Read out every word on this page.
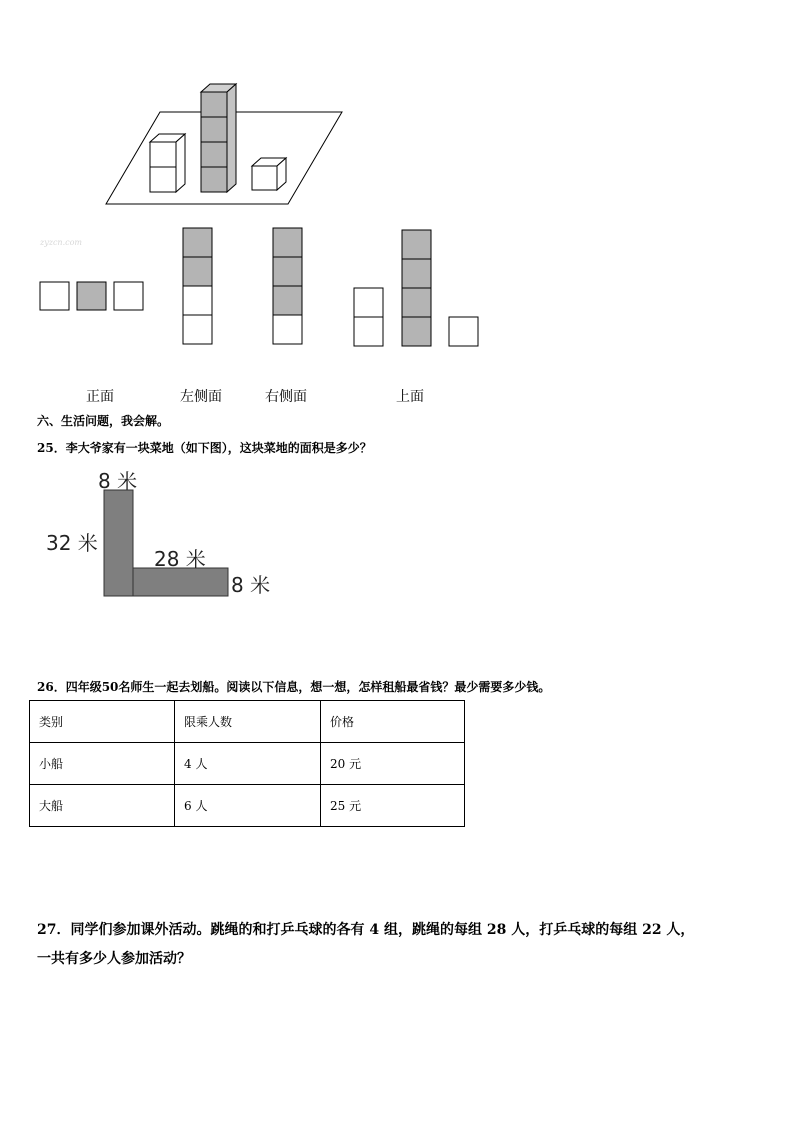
zyzcn.com
正面	左侧面	右侧面	上面
六、生活问题，我会解。
25．李大爷家有一块菜地（如下图），这块菜地的面积是多少？
8 米
32 米
28 米
8 米
26．四年级50名师生一起去划船。阅读以下信息，想一想，怎样租船最省钱？最少需要多少钱。
类别	限乘人数	价格
小船	4 人	20 元
大船	6 人	25 元
27．同学们参加课外活动。跳绳的和打乒乓球的各有 4 组，跳绳的每组 28 人，打乒乓球的每组 22 人，
一共有多少人参加活动？
